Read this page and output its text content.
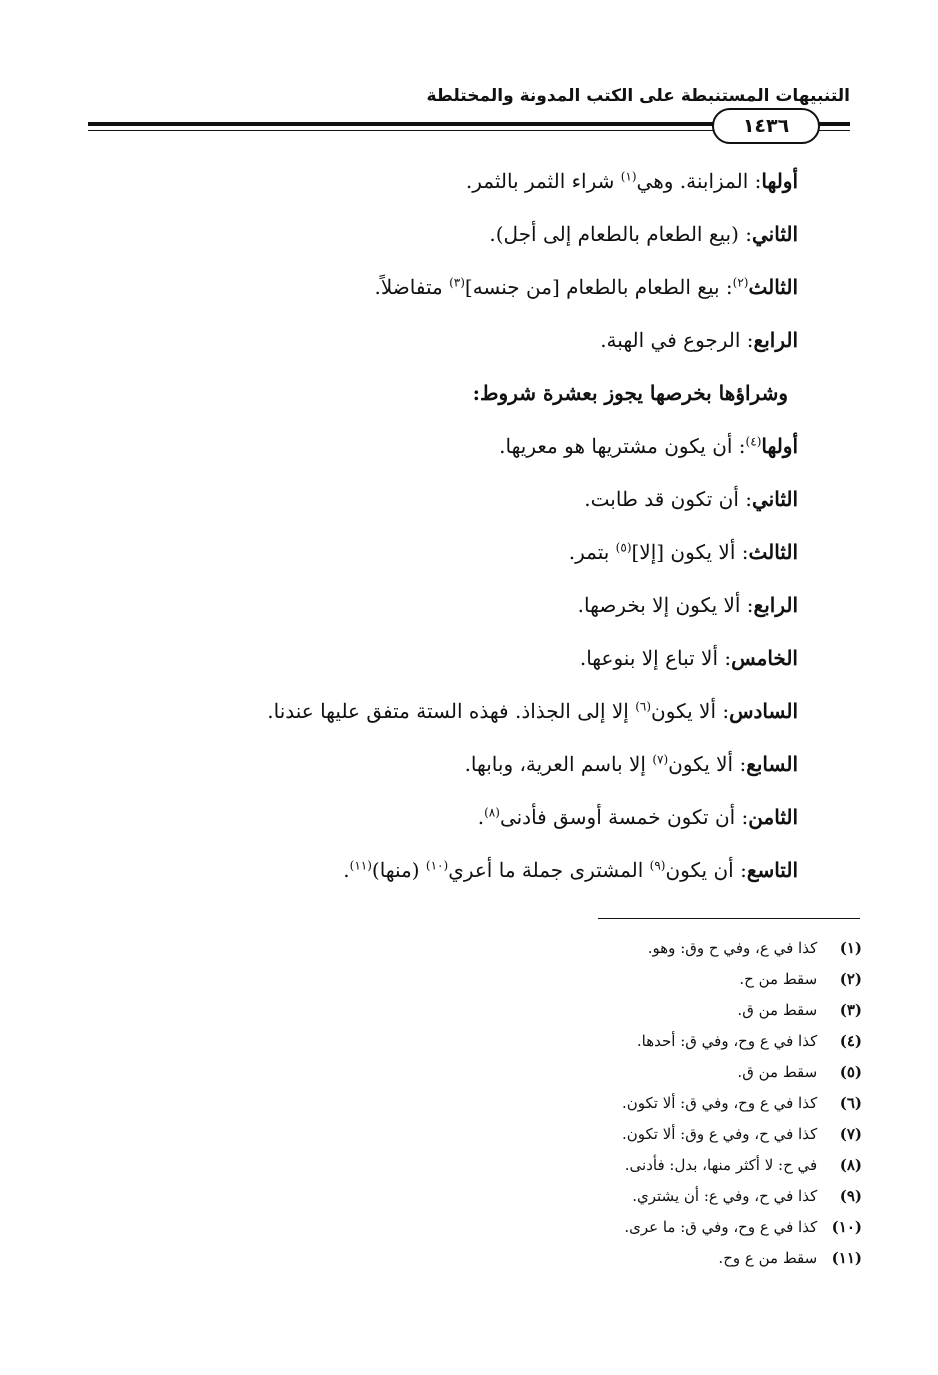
التنبيهات المستنبطة على الكتب المدونة والمختلطة
١٤٣٦
أولها: المزابنة. وهي$^{(١)}$ شراء الثمر بالثمر.
الثاني: (بيع الطعام بالطعام إلى أجل).
الثالث$^{(٢)}$: بيع الطعام بالطعام [من جنسه]$^{(٣)}$ متفاضلاً.
الرابع: الرجوع في الهبة.
وشراؤها بخرصها يجوز بعشرة شروط:
أولها$^{(٤)}$: أن يكون مشتريها هو معريها.
الثاني: أن تكون قد طابت.
الثالث: ألا يكون [إلا]$^{(٥)}$ بتمر.
الرابع: ألا يكون إلا بخرصها.
الخامس: ألا تباع إلا بنوعها.
السادس: ألا يكون$^{(٦)}$ إلا إلى الجذاذ. فهذه الستة متفق عليها عندنا.
السابع: ألا يكون$^{(٧)}$ إلا باسم العرية، وبابها.
الثامن: أن تكون خمسة أوسق فأدنى$^{(٨)}$.
التاسع: أن يكون$^{(٩)}$ المشترى جملة ما أعري$^{(١٠)}$ (منها)$^{(١١)}$.
(١) كذا في ع، وفي ح وق: وهو.
(٢) سقط من ح.
(٣) سقط من ق.
(٤) كذا في ع وح، وفي ق: أحدها.
(٥) سقط من ق.
(٦) كذا في ع وح، وفي ق: ألا تكون.
(٧) كذا في ح، وفي ع وق: ألا تكون.
(٨) في ح: لا أكثر منها، بدل: فأدنى.
(٩) كذا في ح، وفي ع: أن يشتري.
(١٠) كذا في ع وح، وفي ق: ما عرى.
(١١) سقط من ع وح.
